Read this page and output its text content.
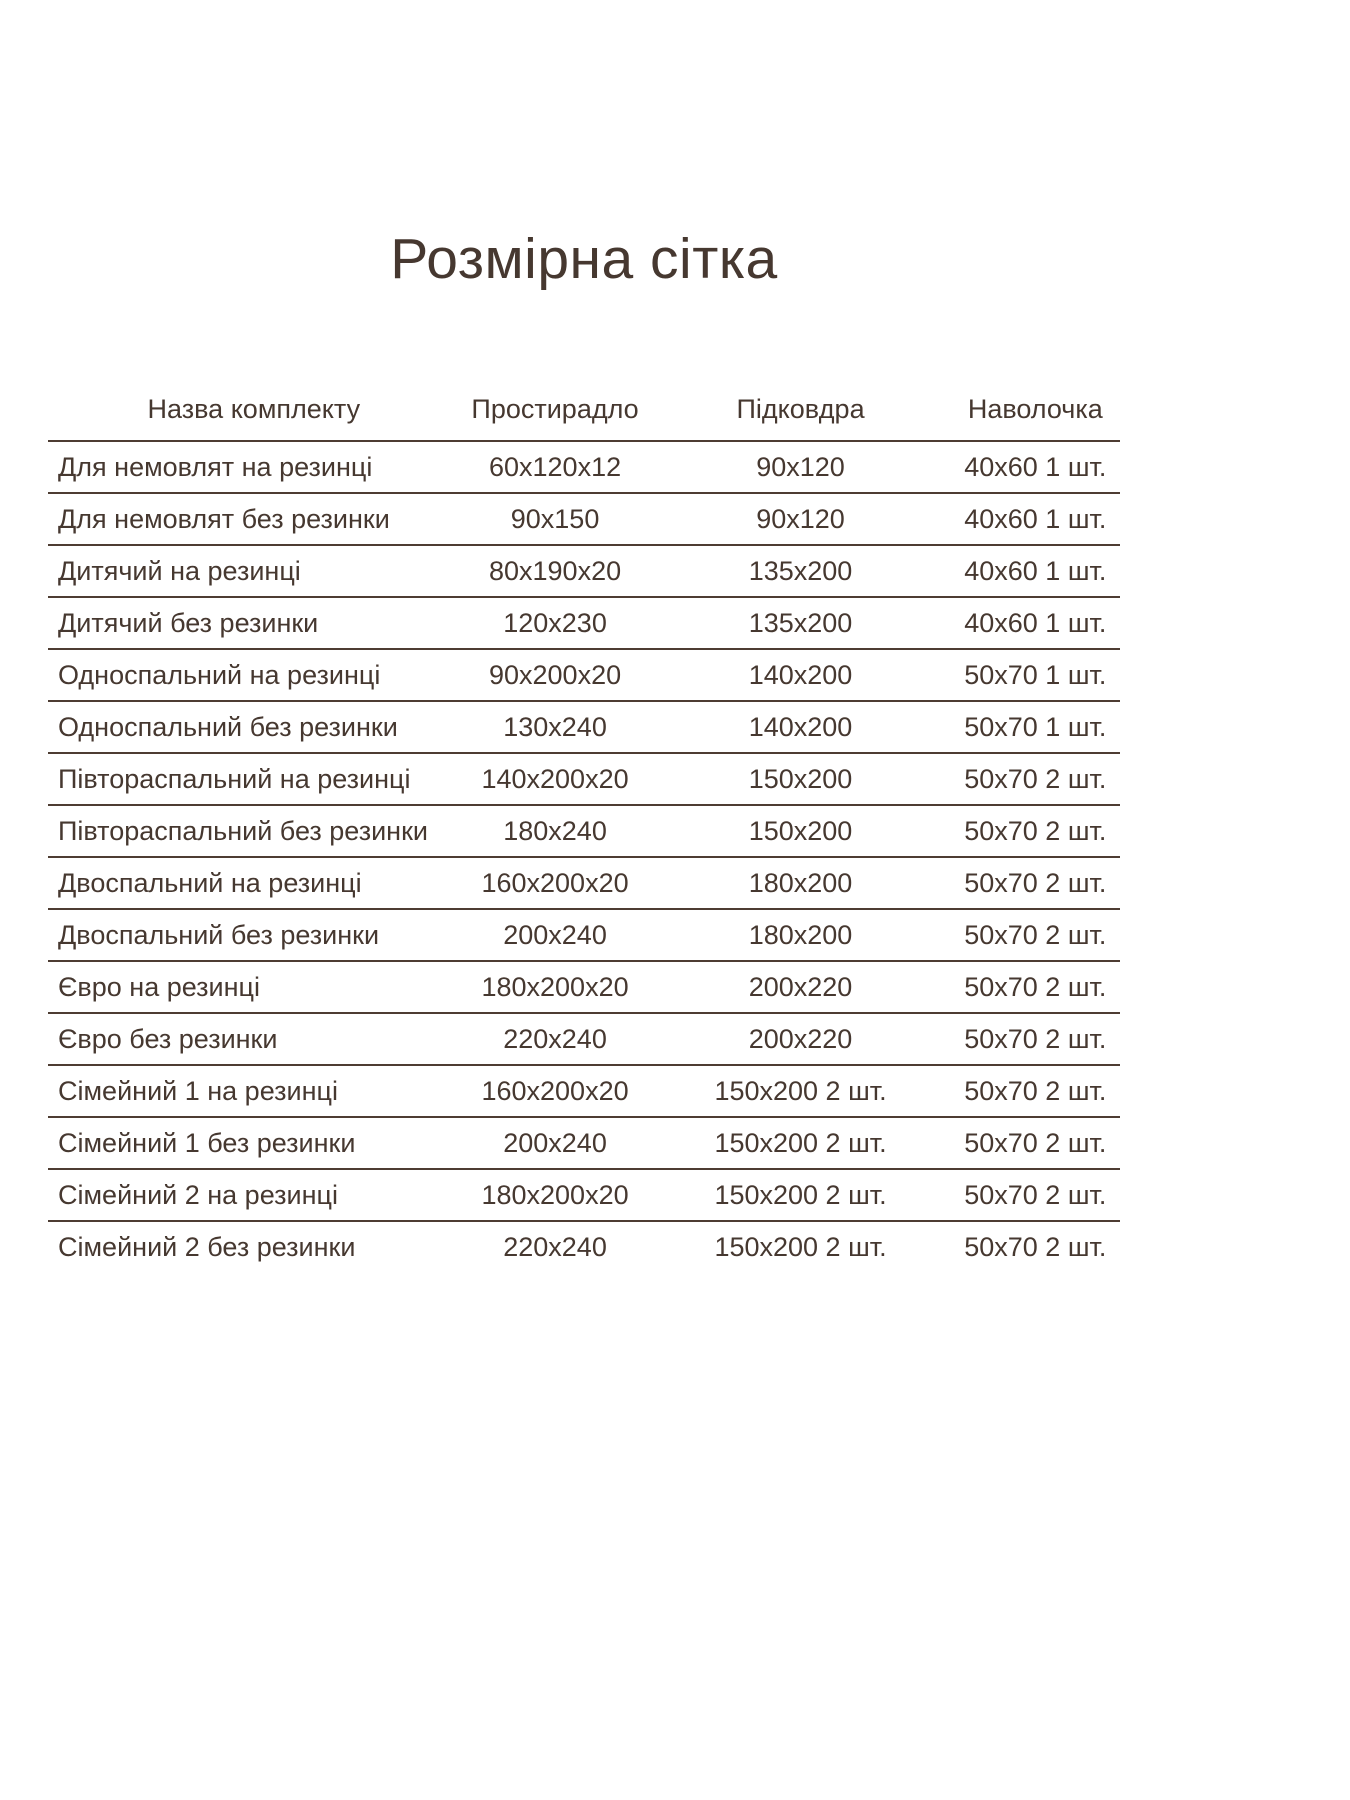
Розмірна сітка
Назва комплекту	Простирадло	Підковдра	Наволочка
Для немовлят на резинці	60х120х12	90х120	40х60 1 шт.
Для немовлят без резинки	90х150	90х120	40х60 1 шт.
Дитячий на резинці	80х190х20	135х200	40х60 1 шт.
Дитячий без резинки	120х230	135х200	40х60 1 шт.
Односпальний на резинці	90х200х20	140х200	50х70 1 шт.
Односпальний без резинки	130х240	140х200	50х70 1 шт.
Півтораспальний на резинці	140х200х20	150х200	50х70 2 шт.
Півтораспальний без резинки	180х240	150х200	50х70 2 шт.
Двоспальний на резинці	160х200х20	180х200	50х70 2 шт.
Двоспальний без резинки	200х240	180х200	50х70 2 шт.
Євро на резинці	180х200х20	200х220	50х70 2 шт.
Євро без резинки	220х240	200х220	50х70 2 шт.
Сімейний 1 на резинці	160х200х20	150х200 2 шт.	50х70 2 шт.
Сімейний 1 без резинки	200х240	150х200 2 шт.	50х70 2 шт.
Сімейний 2 на резинці	180х200х20	150х200 2 шт.	50х70 2 шт.
Сімейний 2 без резинки	220х240	150х200 2 шт.	50х70 2 шт.
